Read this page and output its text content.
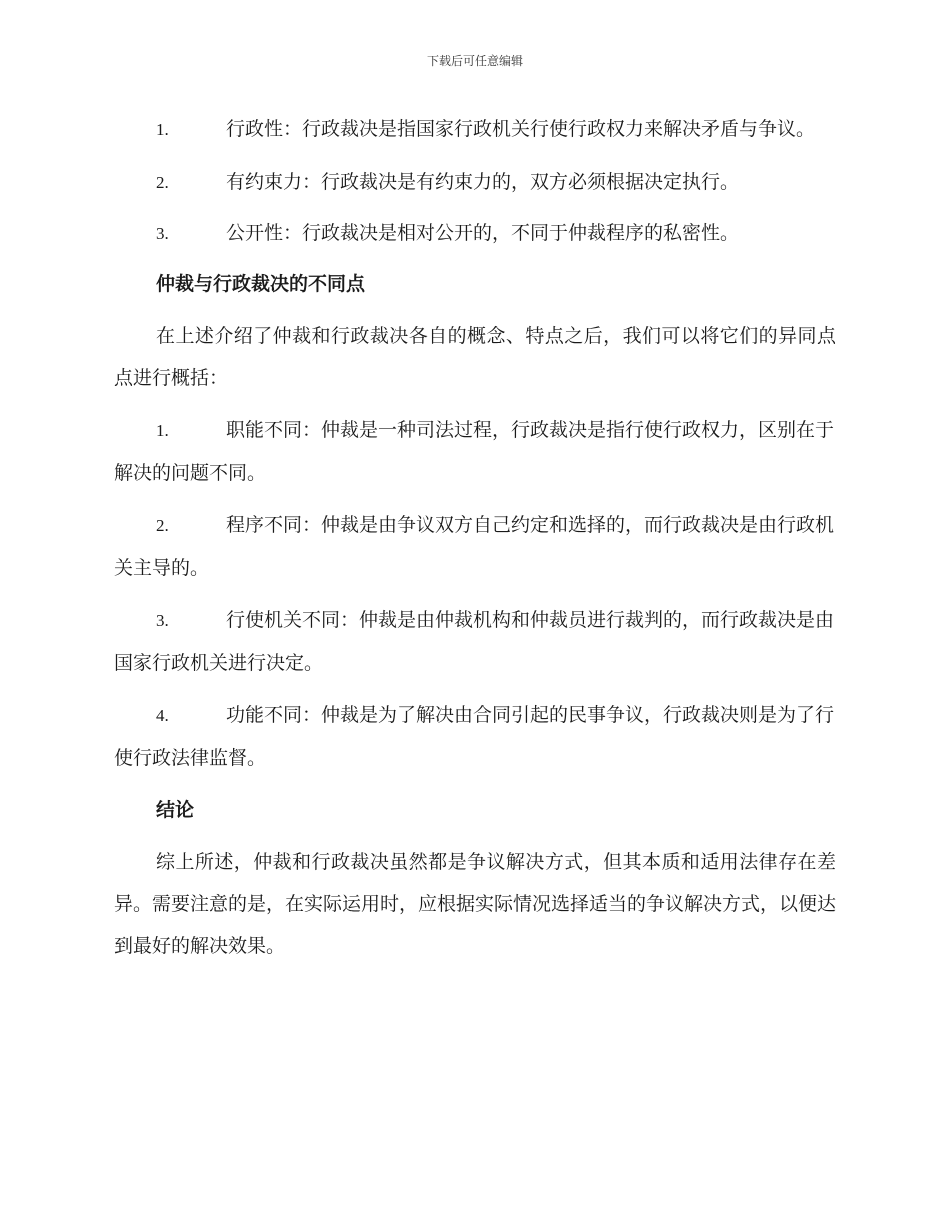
下载后可任意编辑
1.	行政性：行政裁决是指国家行政机关行使行政权力来解决矛盾与争议。
2.	有约束力：行政裁决是有约束力的，双方必须根据决定执行。
3.	公开性：行政裁决是相对公开的，不同于仲裁程序的私密性。
仲裁与行政裁决的不同点
在上述介绍了仲裁和行政裁决各自的概念、特点之后，我们可以将它们的异同点点进行概括：
1.	职能不同：仲裁是一种司法过程，行政裁决是指行使行政权力，区别在于解决的问题不同。
2.	程序不同：仲裁是由争议双方自己约定和选择的，而行政裁决是由行政机关主导的。
3.	行使机关不同：仲裁是由仲裁机构和仲裁员进行裁判的，而行政裁决是由国家行政机关进行决定。
4.	功能不同：仲裁是为了解决由合同引起的民事争议，行政裁决则是为了行使行政法律监督。
结论
综上所述，仲裁和行政裁决虽然都是争议解决方式，但其本质和适用法律存在差异。需要注意的是，在实际运用时，应根据实际情况选择适当的争议解决方式，以便达到最好的解决效果。
